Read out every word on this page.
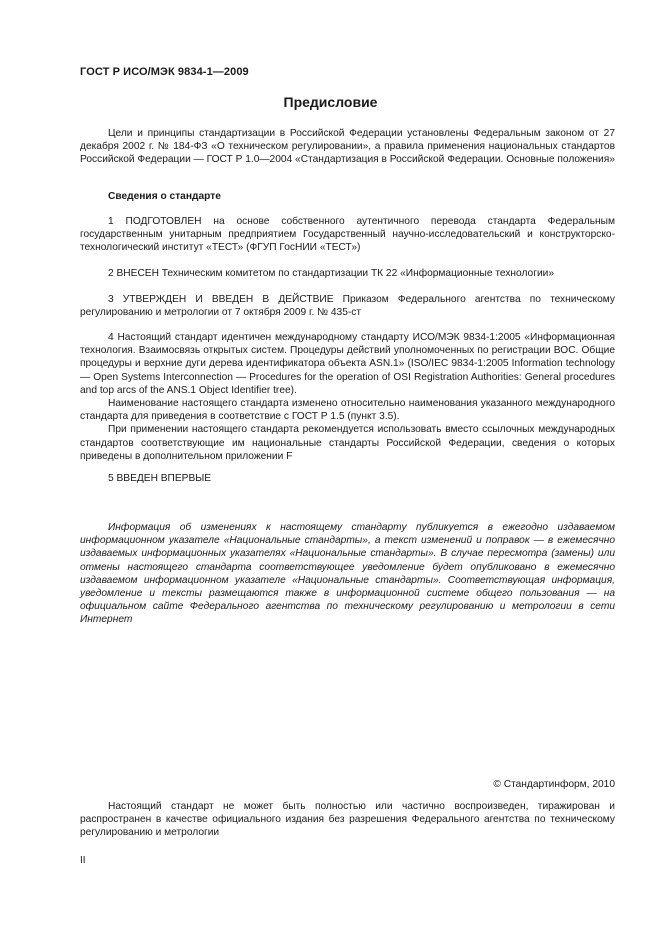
ГОСТ Р ИСО/МЭК 9834-1—2009
Предисловие

Цели и принципы стандартизации в Российской Федерации установлены Федеральным законом от 27 декабря 2002 г. № 184-ФЗ «О техническом регулировании», а правила применения национальных стандартов Российской Федерации — ГОСТ Р 1.0—2004 «Стандартизация в Российской Федерации. Основные положения»

Сведения о стандарте

1 ПОДГОТОВЛЕН на основе собственного аутентичного перевода стандарта Федеральным государственным унитарным предприятием Государственный научно-исследовательский и конструкторско-технологический институт «ТЕСТ» (ФГУП ГосНИИ «ТЕСТ»)

2 ВНЕСЕН Техническим комитетом по стандартизации ТК 22 «Информационные технологии»

3 УТВЕРЖДЕН И ВВЕДЕН В ДЕЙСТВИЕ Приказом Федерального агентства по техническому регулированию и метрологии от 7 октября 2009 г. № 435-ст

4 Настоящий стандарт идентичен международному стандарту ИСО/МЭК 9834-1:2005 «Информационная технология. Взаимосвязь открытых систем. Процедуры действий уполномоченных по регистрации ВОС. Общие процедуры и верхние дуги дерева идентификатора объекта ASN.1» (ISO/IEC 9834-1:2005 Information technology — Open Systems Interconnection — Procedures for the operation of OSI Registration Authorities: General procedures and top arcs of the ANS.1 Object Identifier tree).

Наименование настоящего стандарта изменено относительно наименования указанного международного стандарта для приведения в соответствие с ГОСТ Р 1.5 (пункт 3.5).

При применении настоящего стандарта рекомендуется использовать вместо ссылочных международных стандартов соответствующие им национальные стандарты Российской Федерации, сведения о которых приведены в дополнительном приложении F

5 ВВЕДЕН ВПЕРВЫЕ

Информация об изменениях к настоящему стандарту публикуется в ежегодно издаваемом информационном указателе «Национальные стандарты», а текст изменений и поправок — в ежемесячно издаваемых информационных указателях «Национальные стандарты». В случае пересмотра (замены) или отмены настоящего стандарта соответствующее уведомление будет опубликовано в ежемесячно издаваемом информационном указателе «Национальные стандарты». Соответствующая информация, уведомление и тексты размещаются также в информационной системе общего пользования — на официальном сайте Федерального агентства по техническому регулированию и метрологии в сети Интернет

© Стандартинформ, 2010

Настоящий стандарт не может быть полностью или частично воспроизведен, тиражирован и распространен в качестве официального издания без разрешения Федерального агентства по техническому регулированию и метрологии

II
